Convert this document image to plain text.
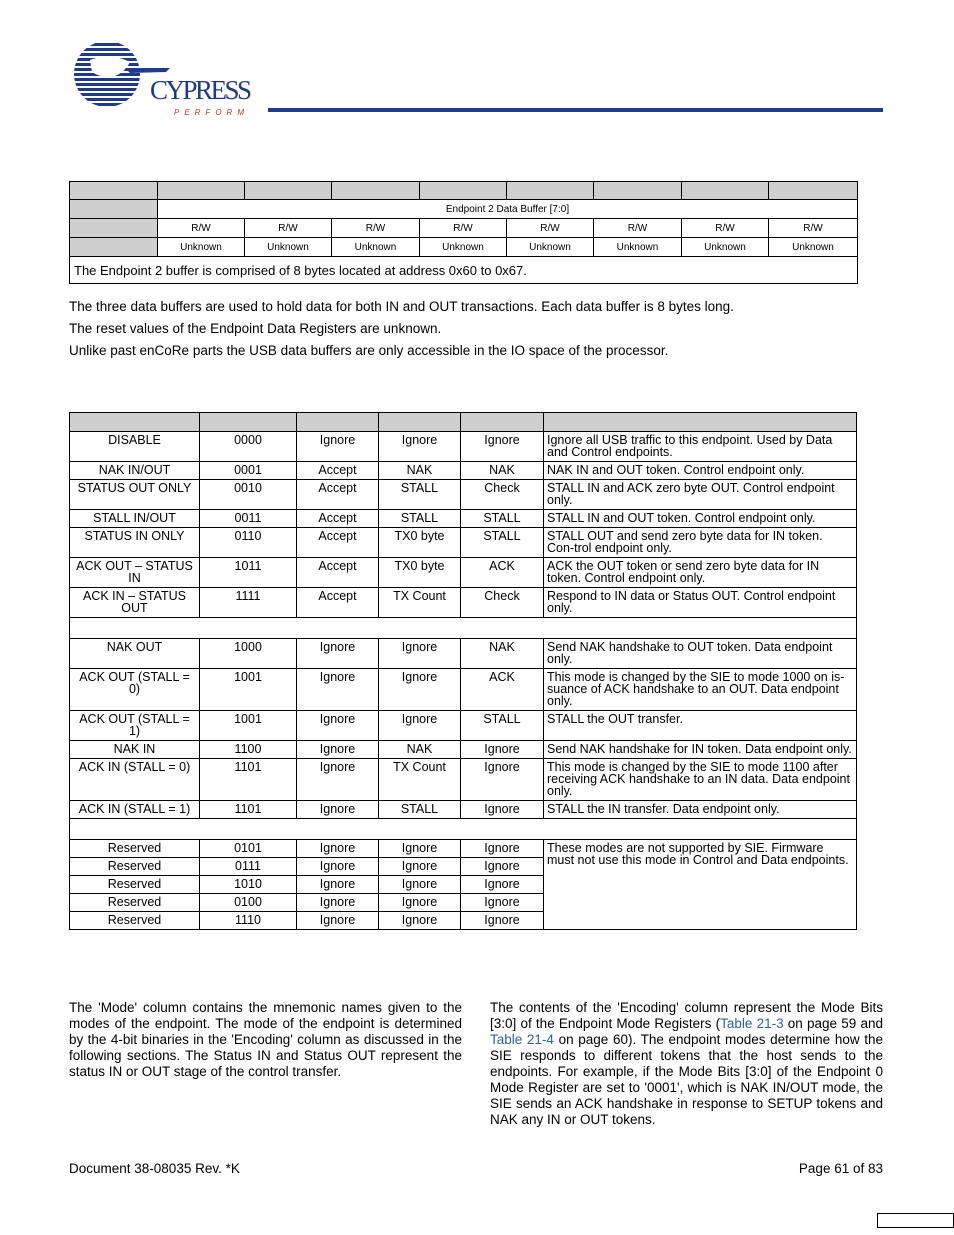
CYPRESS
PERFORM

	Endpoint 2 Data Buffer [7:0]							
	R/W	R/W	R/W	R/W	R/W	R/W	R/W	R/W
	Unknown	Unknown	Unknown	Unknown	Unknown	Unknown	Unknown	Unknown
The Endpoint 2 buffer is comprised of 8 bytes located at address 0x60 to 0x67.								
The three data buffers are used to hold data for both IN and OUT transactions. Each data buffer is 8 bytes long.
The reset values of the Endpoint Data Registers are unknown.
Unlike past enCoRe parts the USB data buffers are only accessible in the IO space of the processor.

DISABLE	0000	Ignore	Ignore	Ignore	Ignore all USB traffic to this endpoint. Used by Data and Control endpoints.
NAK IN/OUT	0001	Accept	NAK	NAK	NAK IN and OUT token. Control endpoint only.
STATUS OUT ONLY	0010	Accept	STALL	Check	STALL IN and ACK zero byte OUT. Control endpoint only.
STALL IN/OUT	0011	Accept	STALL	STALL	STALL IN and OUT token. Control endpoint only.
STATUS IN ONLY	0110	Accept	TX0 byte	STALL	STALL OUT and send zero byte data for IN token. Con-trol endpoint only.
ACK OUT – STATUS IN	1011	Accept	TX0 byte	ACK	ACK the OUT token or send zero byte data for IN token. Control endpoint only.
ACK IN – STATUS OUT	1111	Accept	TX Count	Check	Respond to IN data or Status OUT. Control endpoint only.

NAK OUT	1000	Ignore	Ignore	NAK	Send NAK handshake to OUT token. Data endpoint only.
ACK OUT (STALL = 0)	1001	Ignore	Ignore	ACK	This mode is changed by the SIE to mode 1000 on is-suance of ACK handshake to an OUT. Data endpoint only.
ACK OUT (STALL = 1)	1001	Ignore	Ignore	STALL	STALL the OUT transfer.
NAK IN	1100	Ignore	NAK	Ignore	Send NAK handshake for IN token. Data endpoint only.
ACK IN (STALL = 0)	1101	Ignore	TX Count	Ignore	This mode is changed by the SIE to mode 1100 after receiving ACK handshake to an IN data. Data endpoint only.
ACK IN (STALL = 1)	1101	Ignore	STALL	Ignore	STALL the IN transfer. Data endpoint only.

Reserved	0101	Ignore	Ignore	Ignore	These modes are not supported by SIE. Firmware must not use this mode in Control and Data endpoints.
Reserved	0111	Ignore	Ignore	Ignore	
Reserved	1010	Ignore	Ignore	Ignore	
Reserved	0100	Ignore	Ignore	Ignore	
Reserved	1110	Ignore	Ignore	Ignore	
The 'Mode' column contains the mnemonic names given to the modes of the endpoint. The mode of the endpoint is determined by the 4-bit binaries in the 'Encoding' column as discussed in the following sections. The Status IN and Status OUT represent the status IN or OUT stage of the control transfer.
The contents of the 'Encoding' column represent the Mode Bits [3:0] of the Endpoint Mode Registers (Table 21-3 on page 59 and Table 21-4 on page 60). The endpoint modes determine how the SIE responds to different tokens that the host sends to the endpoints. For example, if the Mode Bits [3:0] of the Endpoint 0 Mode Register are set to '0001', which is NAK IN/OUT mode, the SIE sends an ACK handshake in response to SETUP tokens and NAK any IN or OUT tokens.
Document 38-08035 Rev. *K	Page 61 of 83
